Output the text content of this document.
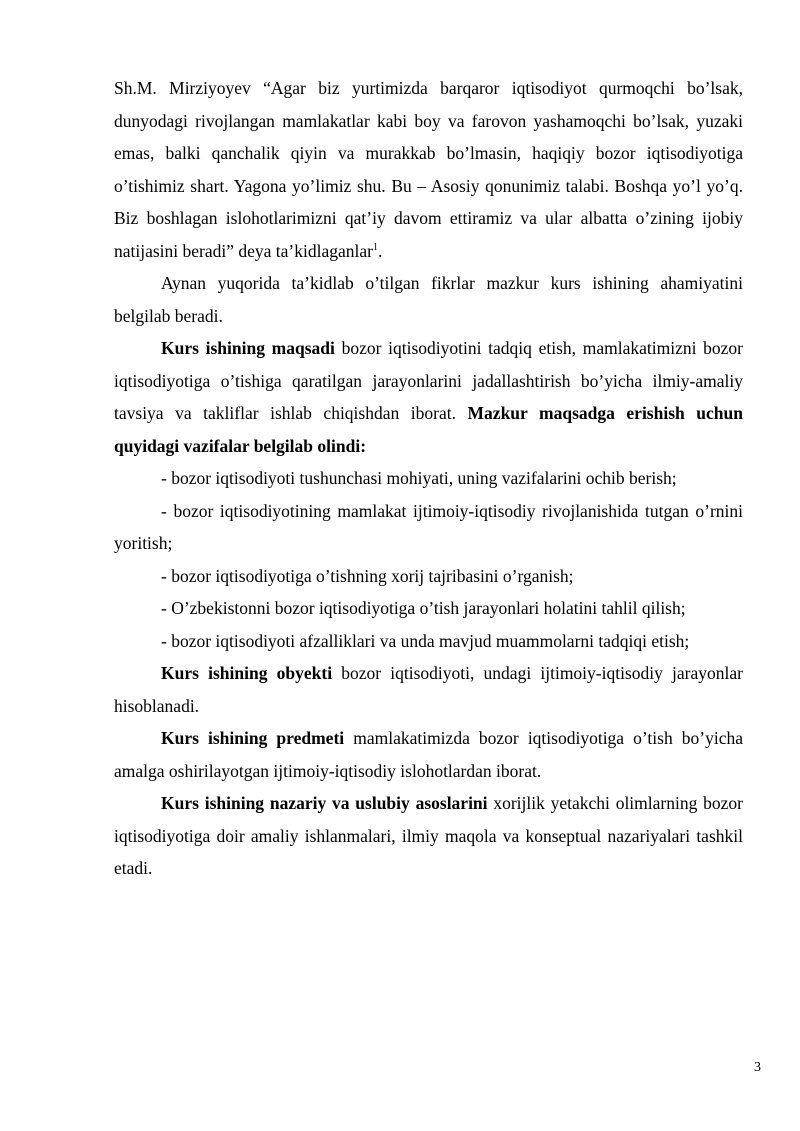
Sh.M. Mirziyoyev “Agar biz yurtimizda barqaror iqtisodiyot qurmoqchi bo’lsak, dunyodagi rivojlangan mamlakatlar kabi boy va farovon yashamoqchi bo’lsak, yuzaki emas, balki qanchalik qiyin va murakkab bo’lmasin, haqiqiy bozor iqtisodiyotiga o’tishimiz shart. Yagona yo’limiz shu. Bu – Asosiy qonunimiz talabi. Boshqa yo’l yo’q. Biz boshlagan islohotlarimizni qat’iy davom ettiramiz va ular albatta o’zining ijobiy natijasini beradi” deya ta’kidlaganlar$^1$.

Aynan yuqorida ta’kidlab o’tilgan fikrlar mazkur kurs ishining ahamiyatini belgilab beradi.

Kurs ishining maqsadi bozor iqtisodiyotini tadqiq etish, mamlakatimizni bozor iqtisodiyotiga o’tishiga qaratilgan jarayonlarini jadallashtirish bo’yicha ilmiy-amaliy tavsiya va takliflar ishlab chiqishdan iborat. Mazkur maqsadga erishish uchun quyidagi vazifalar belgilab olindi:

- bozor iqtisodiyoti tushunchasi mohiyati, uning vazifalarini ochib berish;

- bozor iqtisodiyotining mamlakat ijtimoiy-iqtisodiy rivojlanishida tutgan o’rnini yoritish;

- bozor iqtisodiyotiga o’tishning xorij tajribasini o’rganish;

- O’zbekistonni bozor iqtisodiyotiga o’tish jarayonlari holatini tahlil qilish;

- bozor iqtisodiyoti afzalliklari va unda mavjud muammolarni tadqiqi etish;

Kurs ishining obyekti bozor iqtisodiyoti, undagi ijtimoiy-iqtisodiy jarayonlar hisoblanadi.

Kurs ishining predmeti mamlakatimizda bozor iqtisodiyotiga o’tish bo’yicha amalga oshirilayotgan ijtimoiy-iqtisodiy islohotlardan iborat.

Kurs ishining nazariy va uslubiy asoslarini xorijlik yetakchi olimlarning bozor iqtisodiyotiga doir amaliy ishlanmalari, ilmiy maqola va konseptual nazariyalari tashkil etadi.

3
